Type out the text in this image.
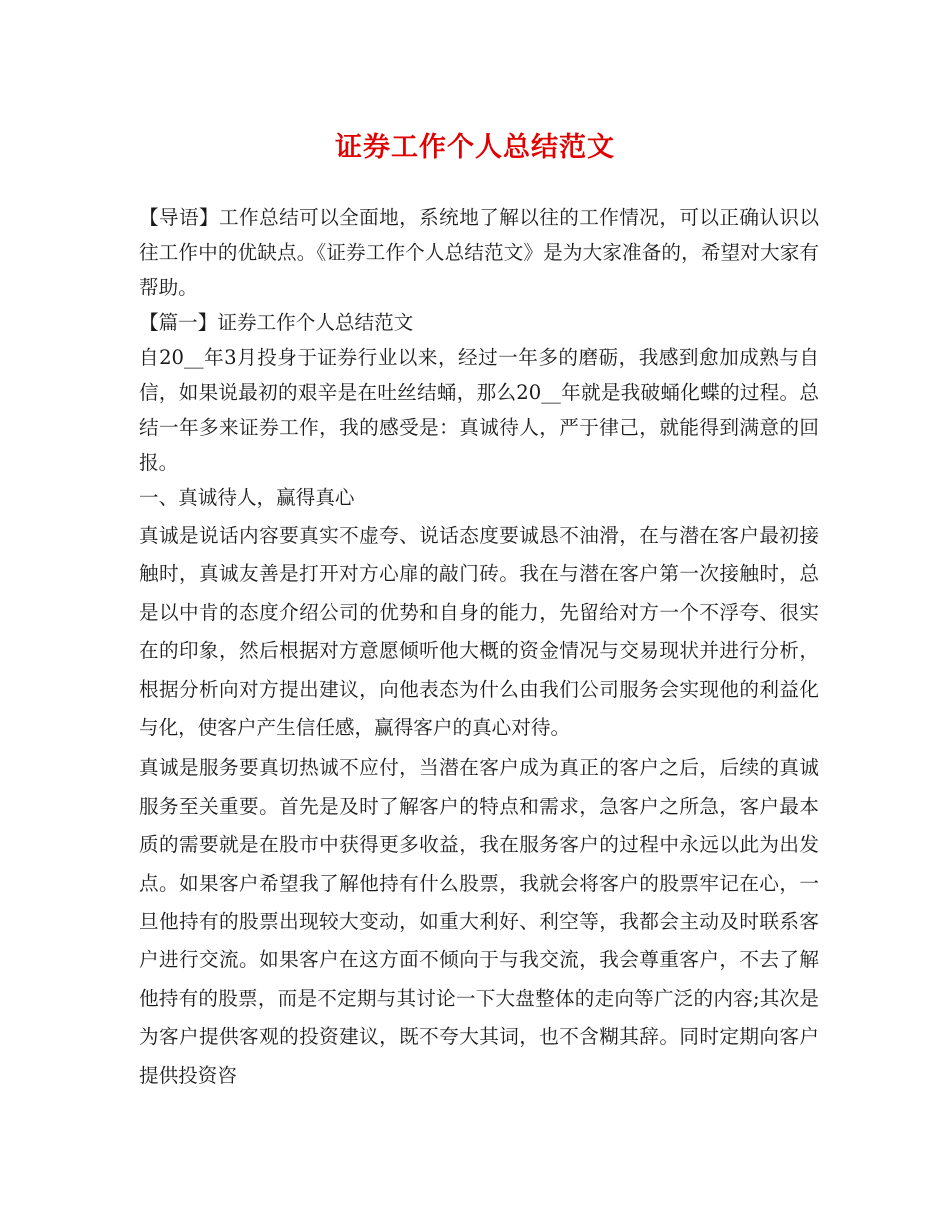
证券工作个人总结范文

【导语】工作总结可以全面地，系统地了解以往的工作情况，可以正确认识以往工作中的优缺点。《证券工作个人总结范文》是为大家准备的，希望对大家有帮助。

【篇一】证券工作个人总结范文

自20__年3月投身于证券行业以来，经过一年多的磨砺，我感到愈加成熟与自信，如果说最初的艰辛是在吐丝结蛹，那么20__年就是我破蛹化蝶的过程。总结一年多来证券工作，我的感受是：真诚待人，严于律己，就能得到满意的回报。

一、真诚待人，赢得真心

真诚是说话内容要真实不虚夸、说话态度要诚恳不油滑，在与潜在客户最初接触时，真诚友善是打开对方心扉的敲门砖。我在与潜在客户第一次接触时，总是以中肯的态度介绍公司的优势和自身的能力，先留给对方一个不浮夸、很实在的印象，然后根据对方意愿倾听他大概的资金情况与交易现状并进行分析，根据分析向对方提出建议，向他表态为什么由我们公司服务会实现他的利益化与化，使客户产生信任感，赢得客户的真心对待。

真诚是服务要真切热诚不应付，当潜在客户成为真正的客户之后，后续的真诚服务至关重要。首先是及时了解客户的特点和需求，急客户之所急，客户最本质的需要就是在股市中获得更多收益，我在服务客户的过程中永远以此为出发点。如果客户希望我了解他持有什么股票，我就会将客户的股票牢记在心，一旦他持有的股票出现较大变动，如重大利好、利空等，我都会主动及时联系客户进行交流。如果客户在这方面不倾向于与我交流，我会尊重客户，不去了解他持有的股票，而是不定期与其讨论一下大盘整体的走向等广泛的内容;其次是为客户提供客观的投资建议，既不夸大其词，也不含糊其辞。同时定期向客户提供投资咨
